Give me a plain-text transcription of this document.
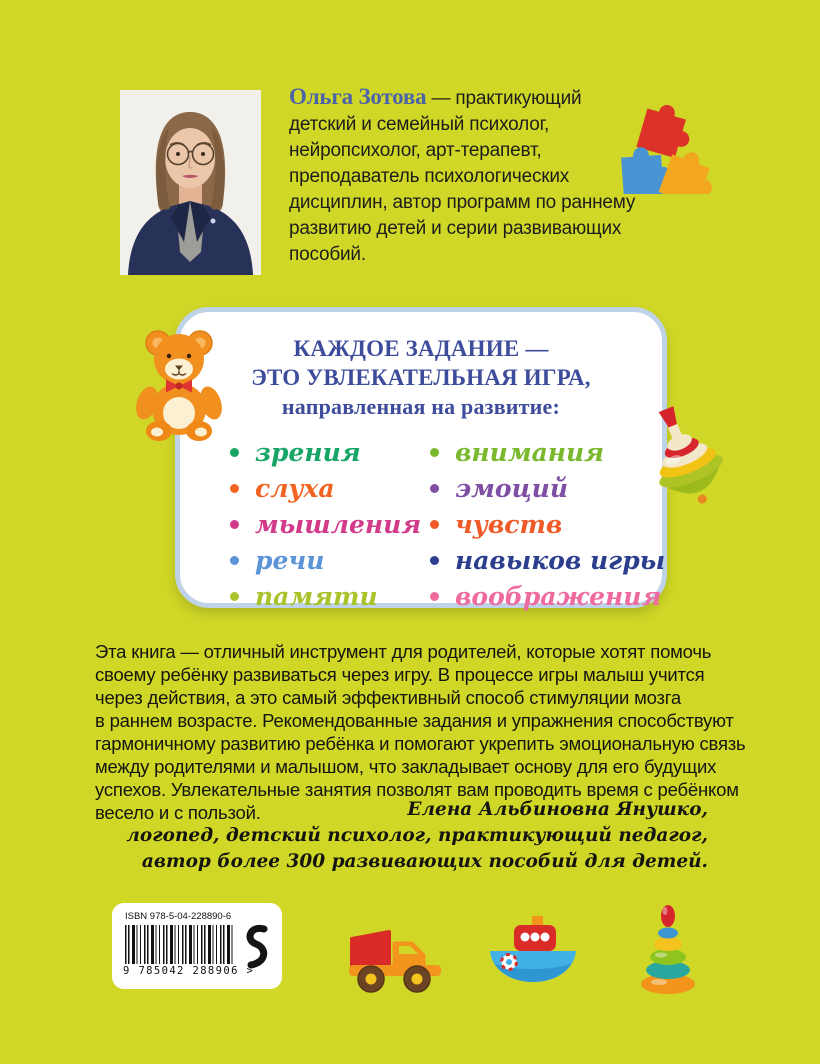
Ольга Зотова — практикующий детский и семейный психолог, нейропсихолог, арт-терапевт, преподаватель психологических дисциплин, автор программ по раннему развитию детей и серии развивающих пособий.
КАЖДОЕ ЗАДАНИЕ —
ЭТО УВЛЕКАТЕЛЬНАЯ ИГРА,
направленная на развитие:
зрения
слуха
мышления
речи
памяти
внимания
эмоций
чувств
навыков игры
воображения
Эта книга — отличный инструмент для родителей, которые хотят помочь
своему ребёнку развиваться через игру. В процессе игры малыш учится
через действия, а это самый эффективный способ стимуляции мозга
в раннем возрасте. Рекомендованные задания и упражнения способствуют
гармоничному развитию ребёнка и помогают укрепить эмоциональную связь
между родителями и малышом, что закладывает основу для его будущих
успехов. Увлекательные занятия позволят вам проводить время с ребёнком
весело и с пользой.	Елена Альбиновна Янушко,
логопед, детский психолог, практикующий педагог,
автор более 300 развивающих пособий для детей.
ISBN 978-5-04-228890-6
9 785042 288906 >
